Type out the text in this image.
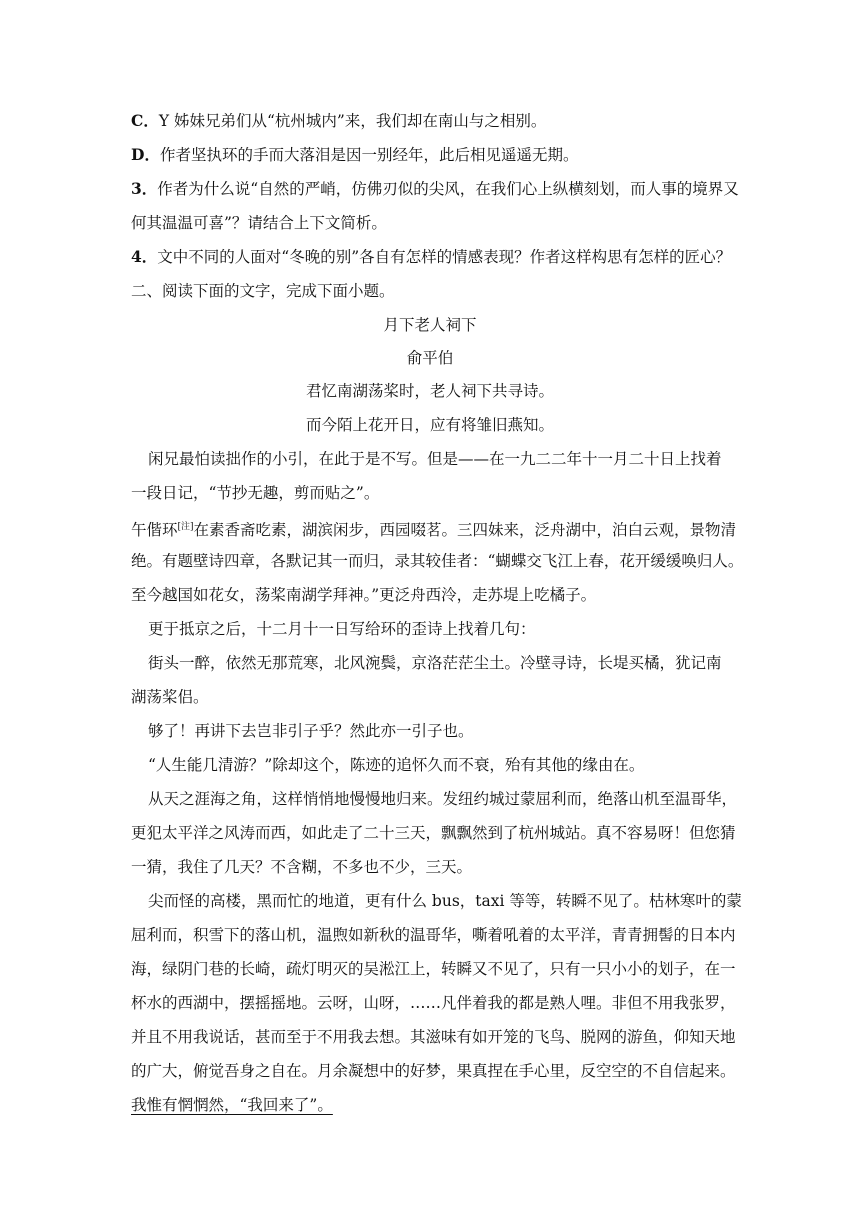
C．Y 姊妹兄弟们从“杭州城内”来，我们却在南山与之相别。
D．作者坚执环的手而大落泪是因一别经年，此后相见遥遥无期。
3．作者为什么说“自然的严峭，仿佛刃似的尖风，在我们心上纵横刻划，而人事的境界又
何其温温可喜”？请结合上下文简析。
4．文中不同的人面对“冬晚的别”各自有怎样的情感表现？作者这样构思有怎样的匠心？
二、阅读下面的文字，完成下面小题。
月下老人祠下
俞平伯
君忆南湖荡桨时，老人祠下共寻诗。
而今陌上花开日，应有将雏旧燕知。
闲兄最怕读拙作的小引，在此于是不写。但是——在一九二二年十一月二十日上找着
一段日记，“节抄无趣，剪而贴之”。
午偕环[注]在素香斋吃素，湖滨闲步，西园啜茗。三四妹来，泛舟湖中，泊白云观，景物清
绝。有题壁诗四章，各默记其一而归，录其较佳者：“蝴蝶交飞江上春，花开缓缓唤归人。
至今越国如花女，荡桨南湖学拜神。”更泛舟西泠，走苏堤上吃橘子。
更于抵京之后，十二月十一日写给环的歪诗上找着几句：
街头一醉，依然无那荒寒，北风涴鬓，京洛茫茫尘土。冷壁寻诗，长堤买橘，犹记南
湖荡桨侣。
够了！再讲下去岂非引子乎？然此亦一引子也。
“人生能几清游？”除却这个，陈迹的追怀久而不衰，殆有其他的缘由在。
从天之涯海之角，这样悄悄地慢慢地归来。发纽约城过蒙屈利而，绝落山机至温哥华，
更犯太平洋之风涛而西，如此走了二十三天，飘飘然到了杭州城站。真不容易呀！但您猜
一猜，我住了几天？不含糊，不多也不少，三天。
尖而怪的高楼，黑而忙的地道，更有什么 bus，taxi 等等，转瞬不见了。枯林寒叶的蒙
屈利而，积雪下的落山机，温煦如新秋的温哥华，嘶着吼着的太平洋，青青拥髻的日本内
海，绿阴门巷的长崎，疏灯明灭的吴淞江上，转瞬又不见了，只有一只小小的划子，在一
杯水的西湖中，摆摇摇地。云呀，山呀，……凡伴着我的都是熟人哩。非但不用我张罗，
并且不用我说话，甚而至于不用我去想。其滋味有如开笼的飞鸟、脱网的游鱼，仰知天地
的广大，俯觉吾身之自在。月余凝想中的好梦，果真捏在手心里，反空空的不自信起来。
我惟有惘惘然，“我回来了”。
